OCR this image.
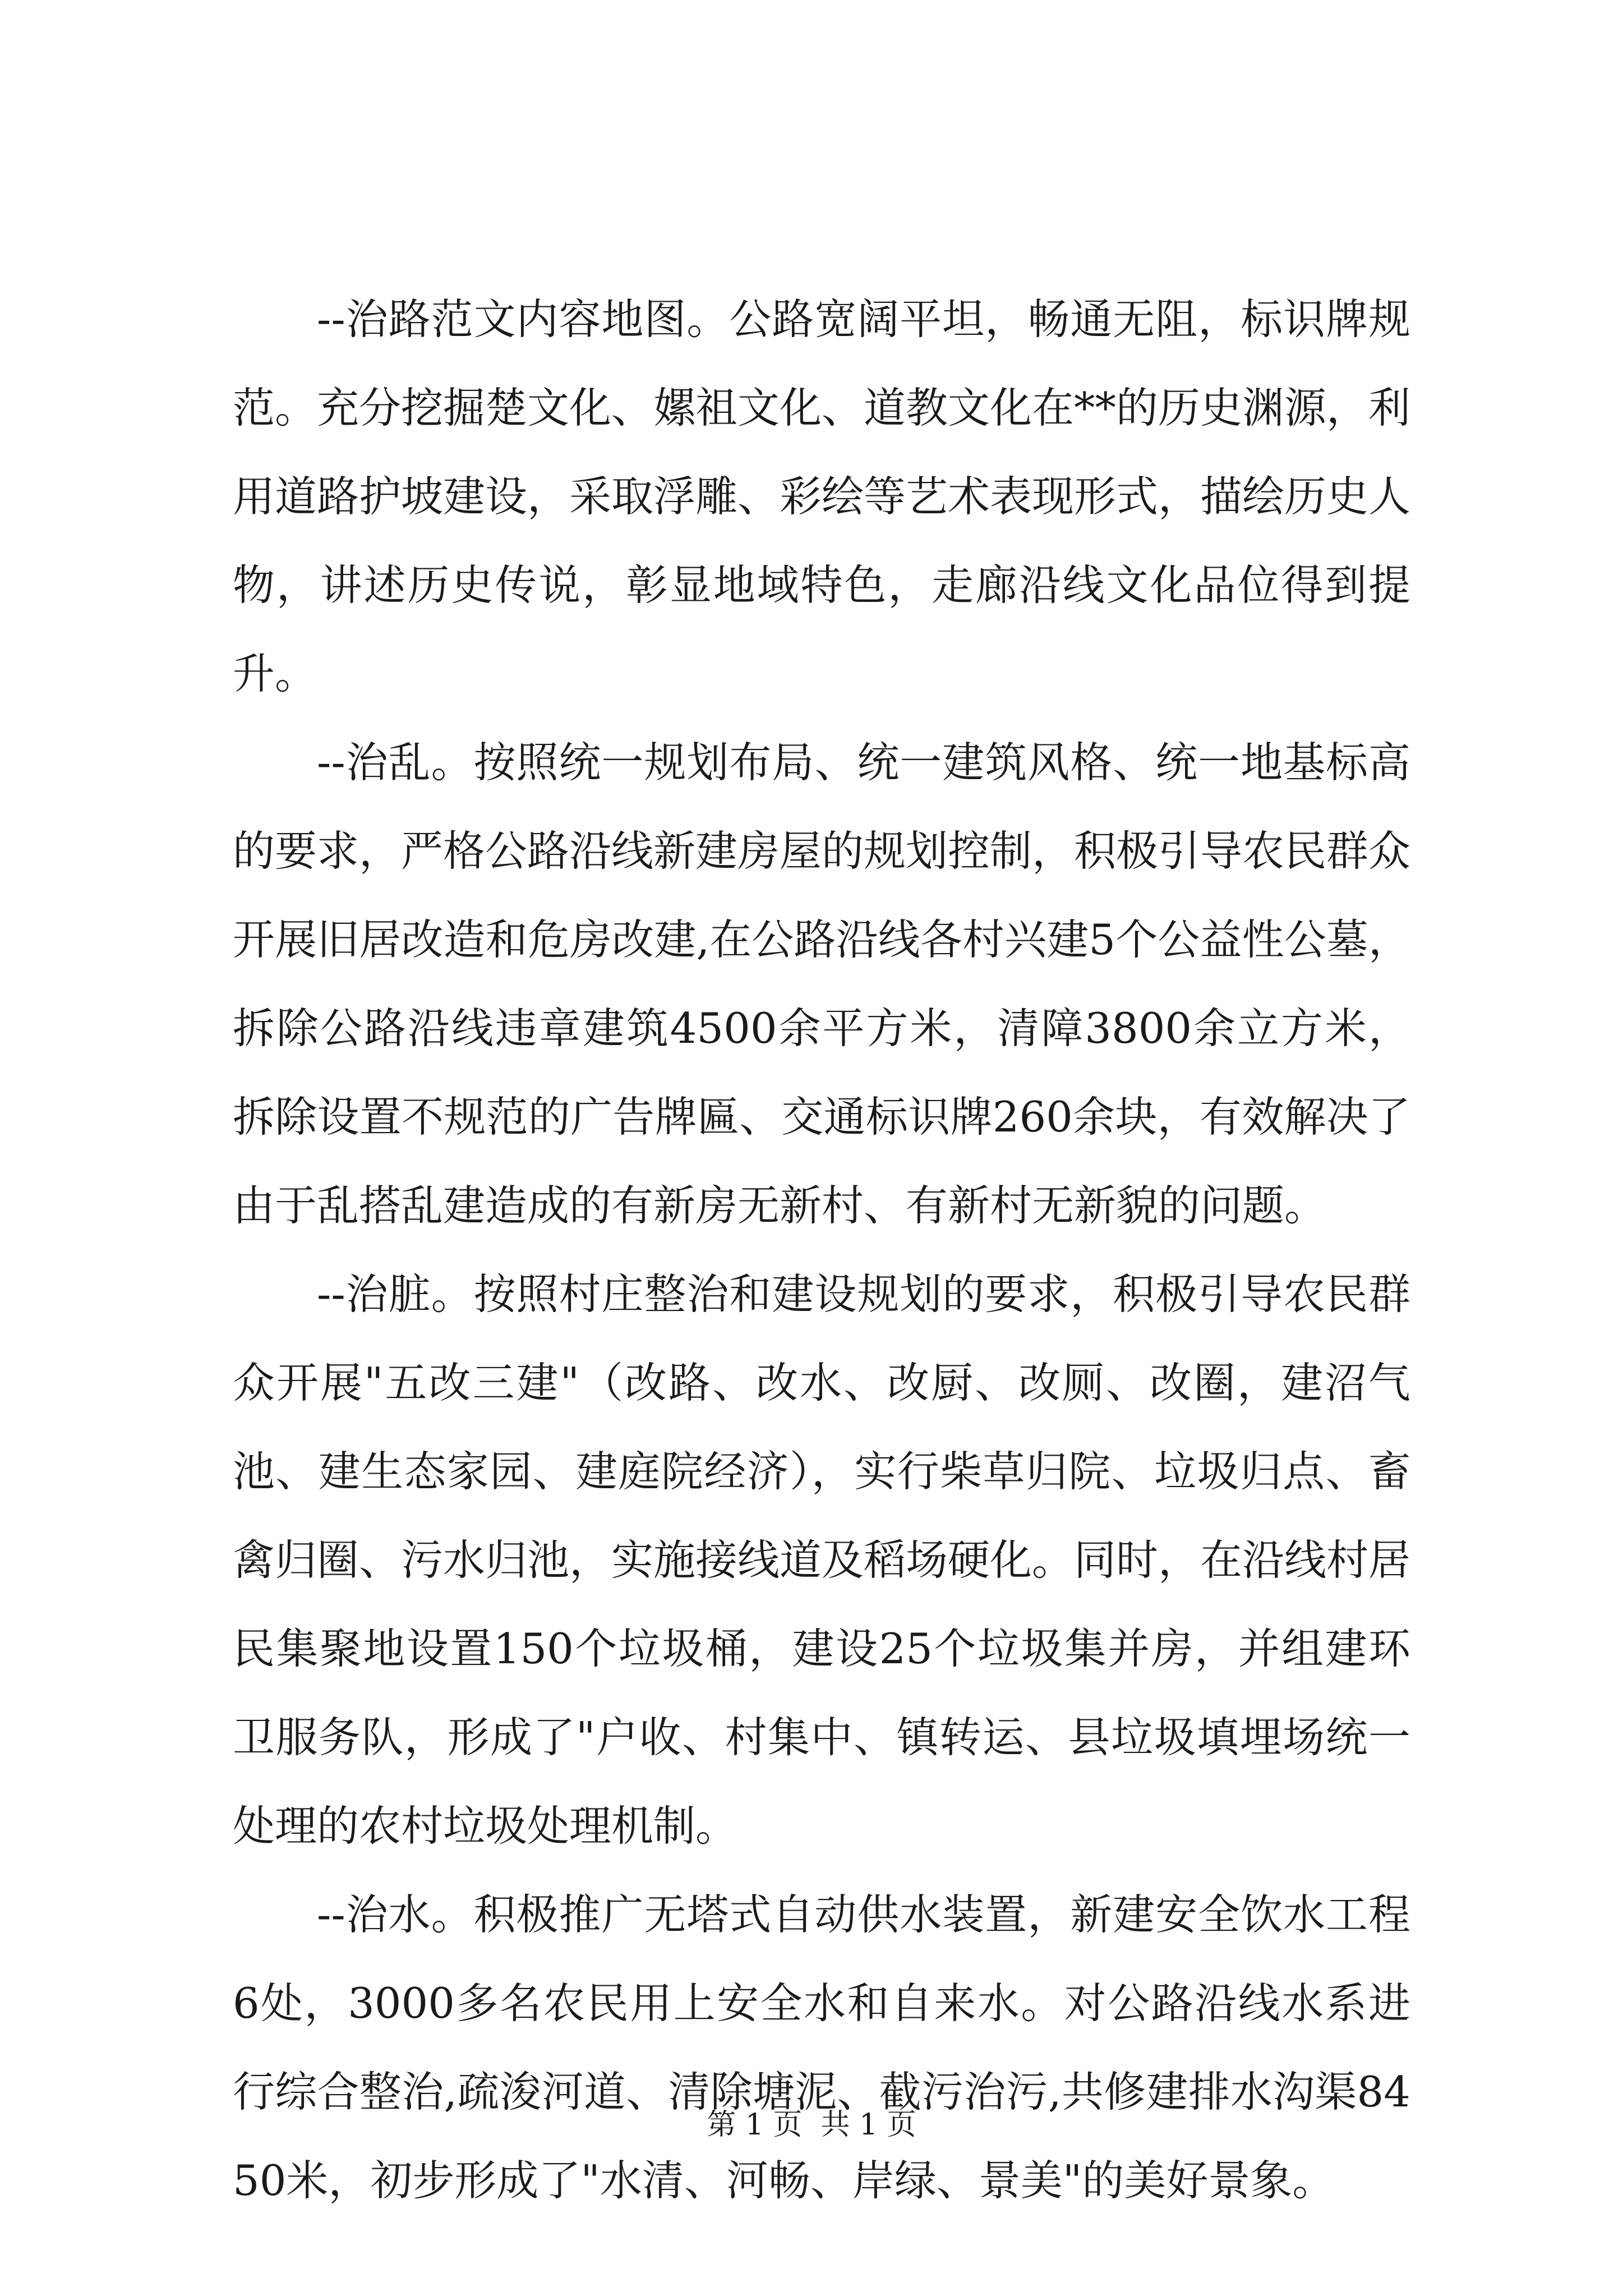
--治路范文内容地图。公路宽阔平坦，畅通无阻，标识牌规范。充分挖掘楚文化、嫘祖文化、道教文化在**的历史渊源，利用道路护坡建设，采取浮雕、彩绘等艺术表现形式，描绘历史人物，讲述历史传说，彰显地域特色，走廊沿线文化品位得到提升。

--治乱。按照统一规划布局、统一建筑风格、统一地基标高的要求，严格公路沿线新建房屋的规划控制，积极引导农民群众开展旧居改造和危房改建,在公路沿线各村兴建5个公益性公墓，拆除公路沿线违章建筑4500余平方米，清障3800余立方米，拆除设置不规范的广告牌匾、交通标识牌260余块，有效解决了由于乱搭乱建造成的有新房无新村、有新村无新貌的问题。

--治脏。按照村庄整治和建设规划的要求，积极引导农民群众开展"五改三建"（改路、改水、改厨、改厕、改圈，建沼气池、建生态家园、建庭院经济），实行柴草归院、垃圾归点、畜禽归圈、污水归池，实施接线道及稻场硬化。同时，在沿线村居民集聚地设置150个垃圾桶，建设25个垃圾集并房，并组建环卫服务队，形成了"户收、村集中、镇转运、县垃圾填埋场统一处理的农村垃圾处理机制。

--治水。积极推广无塔式自动供水装置，新建安全饮水工程6处，3000多名农民用上安全水和自来水。对公路沿线水系进行综合整治,疏浚河道、清除塘泥、截污治污,共修建排水沟渠8450米，初步形成了"水清、河畅、岸绿、景美"的美好景象。

第 1 页  共 1 页
